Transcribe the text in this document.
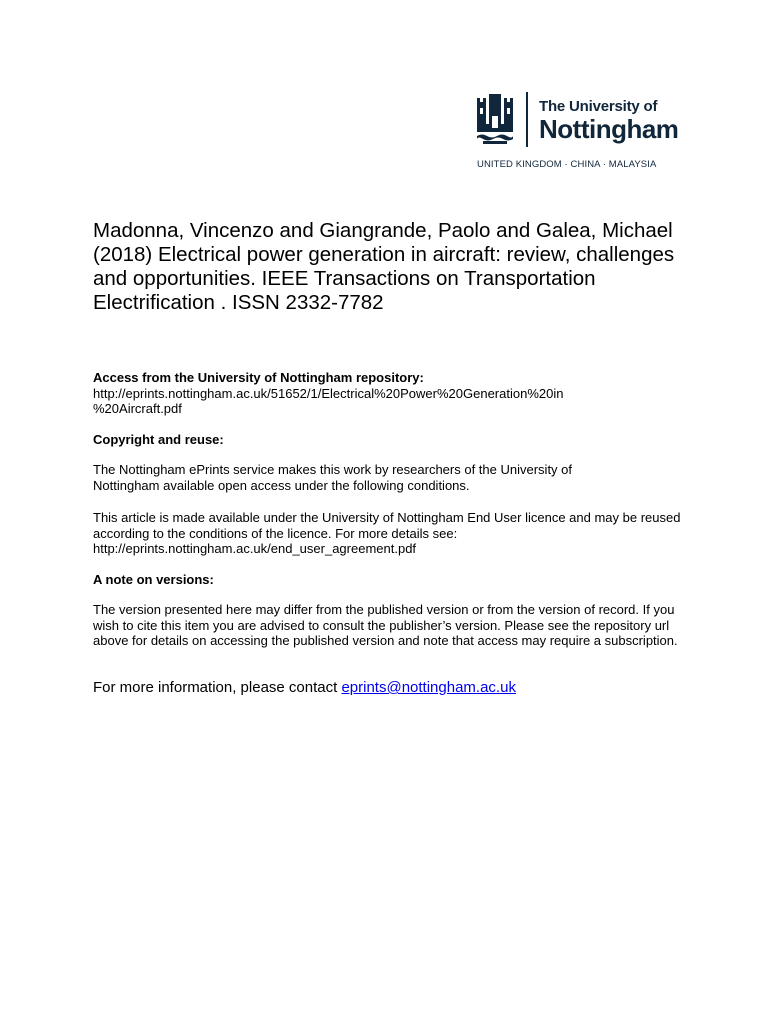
The University of
Nottingham
UNITED KINGDOM · CHINA · MALAYSIA
Madonna, Vincenzo and Giangrande, Paolo and Galea, Michael (2018) Electrical power generation in aircraft: review, challenges and opportunities. IEEE Transactions on Transportation Electrification . ISSN 2332-7782

Access from the University of Nottingham repository:

http://eprints.nottingham.ac.uk/51652/1/Electrical%20Power%20Generation%20in
%20Aircraft.pdf

Copyright and reuse:

The Nottingham ePrints service makes this work by researchers of the University of Nottingham available open access under the following conditions.

This article is made available under the University of Nottingham End User licence and may be reused according to the conditions of the licence. For more details see:

http://eprints.nottingham.ac.uk/end_user_agreement.pdf

A note on versions:

The version presented here may differ from the published version or from the version of record. If you wish to cite this item you are advised to consult the publisher’s version. Please see the repository url above for details on accessing the published version and note that access may require a subscription.

For more information, please contact eprints@nottingham.ac.uk
